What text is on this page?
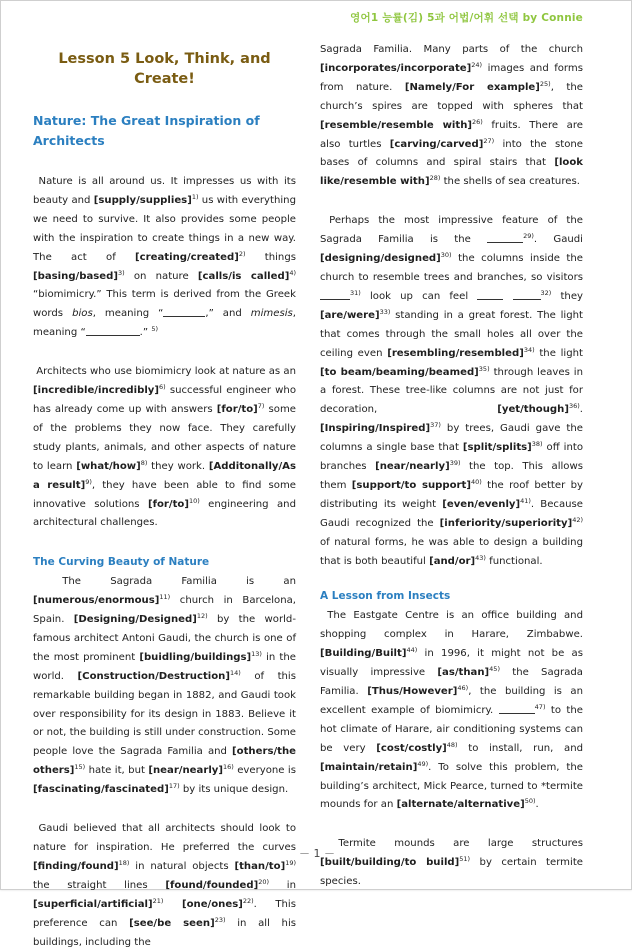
영어1 능률(김) 5과 어법/어휘 선택 by Connie
Lesson 5 Look, Think, and Create!
Nature: The Great Inspiration of Architects

Nature is all around us. It impresses us with its beauty and [supply/supplies]$^{1)}$ us with everything we need to survive. It also provides some people with the inspiration to create things in a new way. The act of [creating/created]$^{2)}$ things [basing/based]$^{3)}$ on nature [calls/is called]$^{4)}$ “biomimicry.” This term is derived from the Greek words bios, meaning “	,” and mimesis, meaning “	.” $^{5)}$

Architects who use biomimicry look at nature as an [incredible/incredibly]$^{6)}$ successful engineer who has already come up with answers $[for/to]^{7)}$ some of the problems they now face. They carefully study plants, animals, and other aspects of nature to learn [what/how]$^{8)}$ they work. [Additonally/As a result]$^{9)}$, they have been able to find some innovative solutions $[for/to]^{10)}$ engineering and architectural challenges.

The Curving Beauty of Nature

The Sagrada Familia is an [numerous/enormous]$^{11)}$ church in Barcelona, Spain. [Designing/Designed]$^{12)}$ by the world-famous architect Antoni Gaudi, the church is one of the most prominent [buidling/buildings]$^{13)}$ in the world. [Construction/Destruction]$^{14)}$ of this remarkable building began in 1882, and Gaudi took over responsibility for its design in 1883. Believe it or not, the building is still under construction. Some people love the Sagrada Familia and [others/the others]$^{15)}$ hate it, but [near/nearly]$^{16)}$ everyone is [fascinating/fascinated]$^{17)}$ by its unique design.

Gaudi believed that all architects should look to nature for inspiration. He preferred the curves [finding/found]$^{18)}$ in natural objects [than/to]$^{19)}$ the straight lines [found/founded]$^{20)}$ in [superficial/artificial]$^{21)}$ [one/ones]$^{22)}$. This preference can [see/be seen]$^{23)}$ in all his buildings, including the

Sagrada Familia. Many parts of the church [incorporates/incorporate]$^{24)}$ images and forms from nature. [Namely/For example]$^{25)}$, the church’s spires are topped with spheres that [resemble/resemble with]$^{26)}$ fruits. There are also turtles [carving/carved]$^{27)}$ into the stone bases of columns and spiral stairs that [look like/resemble with]$^{28)}$ the shells of sea creatures.

Perhaps the most impressive feature of the Sagrada Familia is the	$^{29)}$. Gaudi [designing/designed]$^{30)}$ the columns inside the church to resemble trees and branches, so visitors $^{31)}$ look up can feel	$^{32)}$ they [are/were]$^{33)}$ standing in a great forest. The light that comes through the small holes all over the ceiling even [resembling/resembled]$^{34)}$ the light [to beam/beaming/beamed]$^{35)}$ through leaves in a forest. These tree-like columns are not just for decoration, [yet/though]$^{36)}$. [Inspiring/Inspired]$^{37)}$ by trees, Gaudi gave the columns a single base that [split/splits]$^{38)}$ off into branches [near/nearly]$^{39)}$ the top. This allows them [support/to support]$^{40)}$ the roof better by distributing its weight [even/evenly]$^{41)}$. Because Gaudi recognized the [inferiority/superiority]$^{42)}$ of natural forms, he was able to design a building that is both beautiful $[and/or]^{43)}$ functional.

A Lesson from Insects

The Eastgate Centre is an office building and shopping complex in Harare, Zimbabwe. [Building/Built]$^{44)}$ in 1996, it might not be as visually impressive [as/than]$^{45)}$ the Sagrada Familia. [Thus/However]$^{46)}$, the building is an excellent example of biomimicry.	$^{47)}$ to the hot climate of Harare, air conditioning systems can be very [cost/costly]$^{48)}$ to install, run, and [maintain/retain]$^{49)}$. To solve this problem, the building’s architect, Mick Pearce, turned to *termite mounds for an [alternate/alternative]$^{50)}$.

Termite mounds are large structures [built/building/to build]$^{51)}$ by certain termite species.

－ 1 －
